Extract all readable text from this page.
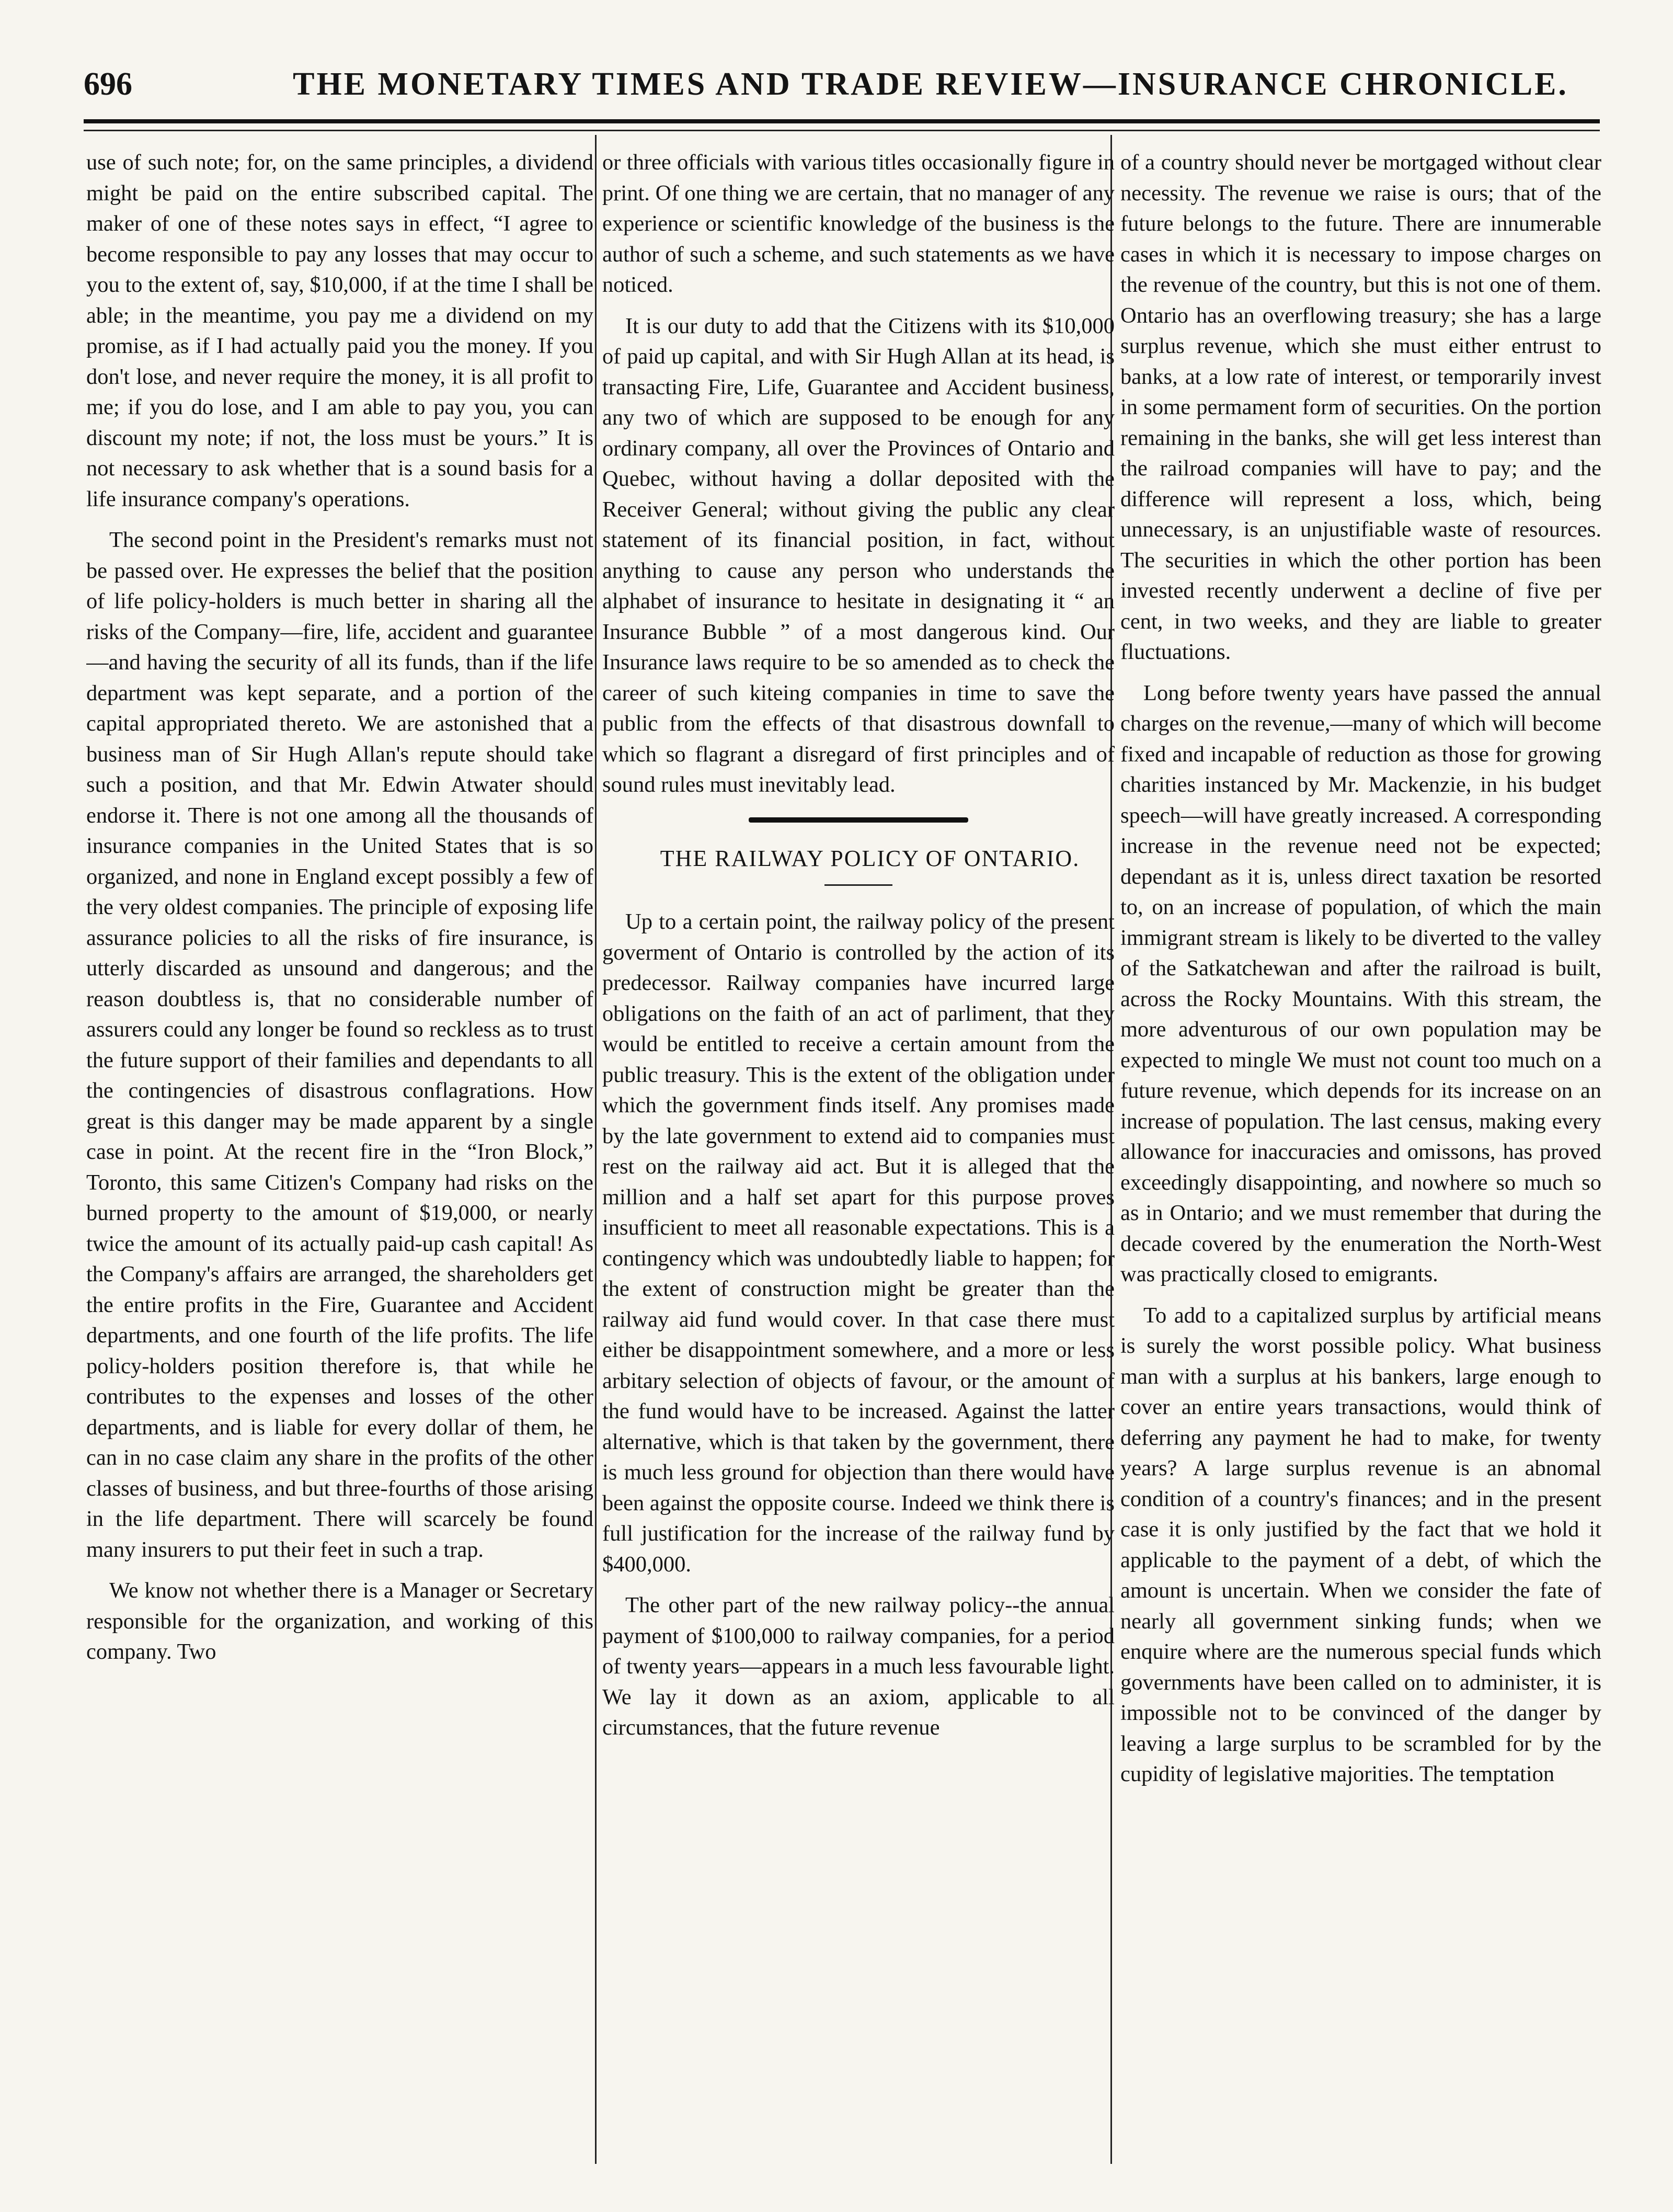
696	THE MONETARY TIMES AND TRADE REVIEW—INSURANCE CHRONICLE.

use of such note; for, on the same principles, a dividend might be paid on the entire subscribed capital. The maker of one of these notes says in effect, “I agree to become responsible to pay any losses that may occur to you to the extent of, say, $10,000, if at the time I shall be able; in the meantime, you pay me a dividend on my promise, as if I had actually paid you the money. If you don't lose, and never require the money, it is all profit to me; if you do lose, and I am able to pay you, you can discount my note; if not, the loss must be yours.” It is not necessary to ask whether that is a sound basis for a life insurance company's operations.

The second point in the President's remarks must not be passed over. He expresses the belief that the position of life policy-holders is much better in sharing all the risks of the Company—fire, life, accident and guarantee—and having the security of all its funds, than if the life department was kept separate, and a portion of the capital appropriated thereto. We are astonished that a business man of Sir Hugh Allan's repute should take such a position, and that Mr. Edwin Atwater should endorse it. There is not one among all the thousands of insurance companies in the United States that is so organized, and none in England except possibly a few of the very oldest companies. The principle of exposing life assurance policies to all the risks of fire insurance, is utterly discarded as unsound and dangerous; and the reason doubtless is, that no considerable number of assurers could any longer be found so reckless as to trust the future support of their families and dependants to all the contingencies of disastrous conflagrations. How great is this danger may be made apparent by a single case in point. At the recent fire in the “Iron Block,” Toronto, this same Citizen's Company had risks on the burned property to the amount of $19,000, or nearly twice the amount of its actually paid-up cash capital! As the Company's affairs are arranged, the shareholders get the entire profits in the Fire, Guarantee and Accident departments, and one fourth of the life profits. The life policy-holders position therefore is, that while he contributes to the expenses and losses of the other departments, and is liable for every dollar of them, he can in no case claim any share in the profits of the other classes of business, and but three-fourths of those arising in the life department. There will scarcely be found many insurers to put their feet in such a trap.

We know not whether there is a Manager or Secretary responsible for the organization, and working of this company. Two

or three officials with various titles occasionally figure in print. Of one thing we are certain, that no manager of any experience or scientific knowledge of the business is the author of such a scheme, and such statements as we have noticed.

It is our duty to add that the Citizens with its $10,000 of paid up capital, and with Sir Hugh Allan at its head, is transacting Fire, Life, Guarantee and Accident business, any two of which are supposed to be enough for any ordinary company, all over the Provinces of Ontario and Quebec, without having a dollar deposited with the Receiver General; without giving the public any clear statement of its financial position, in fact, without anything to cause any person who understands the alphabet of insurance to hesitate in designating it “ an Insurance Bubble ” of a most dangerous kind. Our Insurance laws require to be so amended as to check the career of such kiteing companies in time to save the public from the effects of that disastrous downfall to which so flagrant a disregard of first principles and of sound rules must inevitably lead.

THE RAILWAY POLICY OF ONTARIO.

Up to a certain point, the railway policy of the present goverment of Ontario is controlled by the action of its predecessor. Railway companies have incurred large obligations on the faith of an act of parliment, that they would be entitled to receive a certain amount from the public treasury. This is the extent of the obligation under which the government finds itself. Any promises made by the late government to extend aid to companies must rest on the railway aid act. But it is alleged that the million and a half set apart for this purpose proves insufficient to meet all reasonable expectations. This is a contingency which was undoubtedly liable to happen; for the extent of construction might be greater than the railway aid fund would cover. In that case there must either be disappointment somewhere, and a more or less arbitary selection of objects of favour, or the amount of the fund would have to be increased. Against the latter alternative, which is that taken by the government, there is much less ground for objection than there would have been against the opposite course. Indeed we think there is full justification for the increase of the railway fund by $400,000.

The other part of the new railway policy--the annual payment of $100,000 to railway companies, for a period of twenty years—appears in a much less favourable light. We lay it down as an axiom, applicable to all circumstances, that the future revenue

of a country should never be mortgaged without clear necessity. The revenue we raise is ours; that of the future belongs to the future. There are innumerable cases in which it is necessary to impose charges on the revenue of the country, but this is not one of them. Ontario has an overflowing treasury; she has a large surplus revenue, which she must either entrust to banks, at a low rate of interest, or temporarily invest in some permament form of securities. On the portion remaining in the banks, she will get less interest than the railroad companies will have to pay; and the difference will represent a loss, which, being unnecessary, is an unjustifiable waste of resources. The securities in which the other portion has been invested recently underwent a decline of five per cent, in two weeks, and they are liable to greater fluctuations.

Long before twenty years have passed the annual charges on the revenue,—many of which will become fixed and incapable of reduction as those for growing charities instanced by Mr. Mackenzie, in his budget speech—will have greatly increased. A corresponding increase in the revenue need not be expected; dependant as it is, unless direct taxation be resorted to, on an increase of population, of which the main immigrant stream is likely to be diverted to the valley of the Satkatchewan and after the railroad is built, across the Rocky Mountains. With this stream, the more adventurous of our own population may be expected to mingle We must not count too much on a future revenue, which depends for its increase on an increase of population. The last census, making every allowance for inaccuracies and omissons, has proved exceedingly disappointing, and nowhere so much so as in Ontario; and we must remember that during the decade covered by the enumeration the North-West was practically closed to emigrants.

To add to a capitalized surplus by artificial means is surely the worst possible policy. What business man with a surplus at his bankers, large enough to cover an entire years transactions, would think of deferring any payment he had to make, for twenty years? A large surplus revenue is an abnomal condition of a country's finances; and in the present case it is only justified by the fact that we hold it applicable to the payment of a debt, of which the amount is uncertain. When we consider the fate of nearly all government sinking funds; when we enquire where are the numerous special funds which governments have been called on to administer, it is impossible not to be convinced of the danger by leaving a large surplus to be scrambled for by the cupidity of legislative majorities. The temptation
